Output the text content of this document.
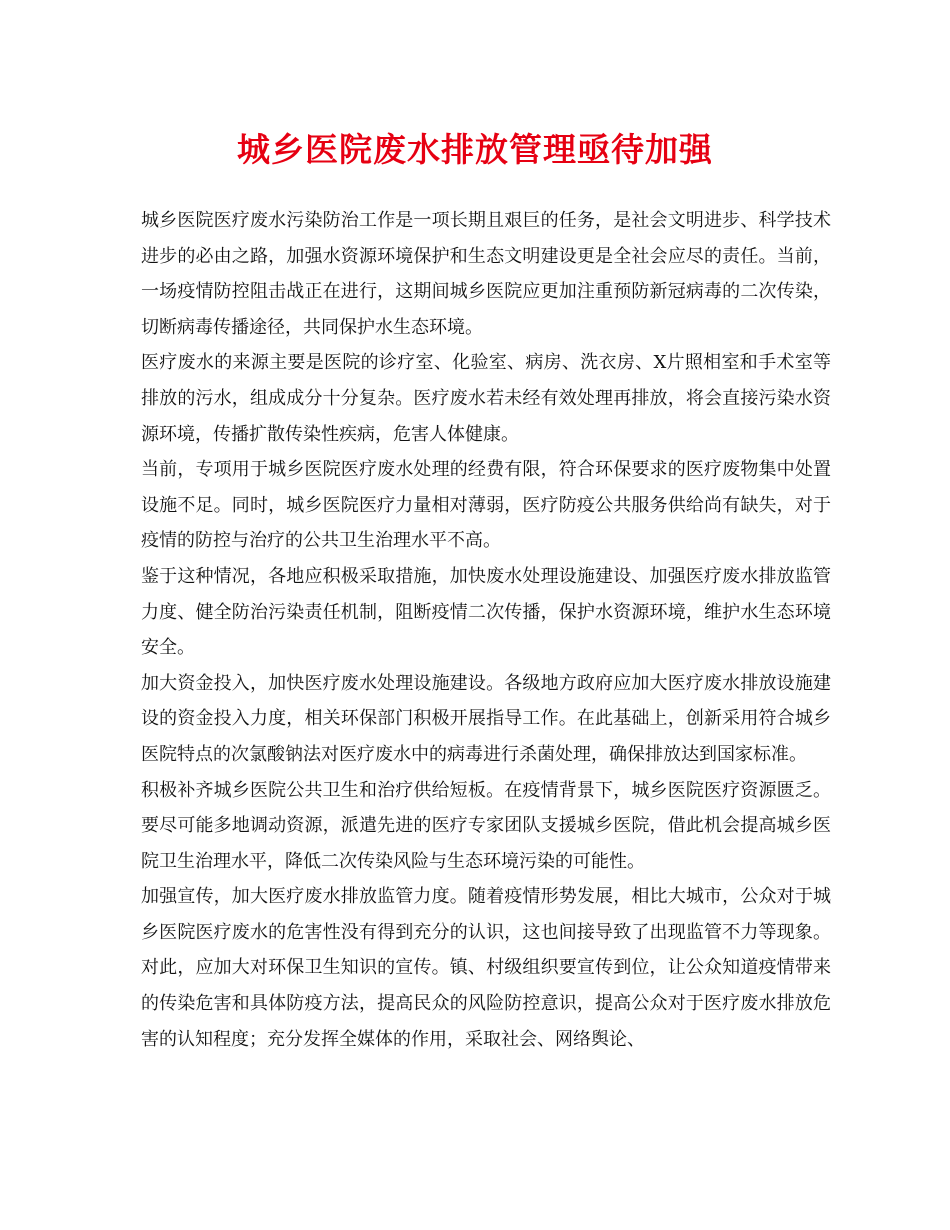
城乡医院废水排放管理亟待加强

城乡医院医疗废水污染防治工作是一项长期且艰巨的任务，是社会文明进步、科学技术进步的必由之路，加强水资源环境保护和生态文明建设更是全社会应尽的责任。当前，一场疫情防控阻击战正在进行，这期间城乡医院应更加注重预防新冠病毒的二次传染，切断病毒传播途径，共同保护水生态环境。

医疗废水的来源主要是医院的诊疗室、化验室、病房、洗衣房、X片照相室和手术室等排放的污水，组成成分十分复杂。医疗废水若未经有效处理再排放，将会直接污染水资源环境，传播扩散传染性疾病，危害人体健康。

当前，专项用于城乡医院医疗废水处理的经费有限，符合环保要求的医疗废物集中处置设施不足。同时，城乡医院医疗力量相对薄弱，医疗防疫公共服务供给尚有缺失，对于疫情的防控与治疗的公共卫生治理水平不高。

鉴于这种情况，各地应积极采取措施，加快废水处理设施建设、加强医疗废水排放监管力度、健全防治污染责任机制，阻断疫情二次传播，保护水资源环境，维护水生态环境安全。

加大资金投入，加快医疗废水处理设施建设。各级地方政府应加大医疗废水排放设施建设的资金投入力度，相关环保部门积极开展指导工作。在此基础上，创新采用符合城乡医院特点的次氯酸钠法对医疗废水中的病毒进行杀菌处理，确保排放达到国家标准。

积极补齐城乡医院公共卫生和治疗供给短板。在疫情背景下，城乡医院医疗资源匮乏。要尽可能多地调动资源，派遣先进的医疗专家团队支援城乡医院，借此机会提高城乡医院卫生治理水平，降低二次传染风险与生态环境污染的可能性。

加强宣传，加大医疗废水排放监管力度。随着疫情形势发展，相比大城市，公众对于城乡医院医疗废水的危害性没有得到充分的认识，这也间接导致了出现监管不力等现象。对此，应加大对环保卫生知识的宣传。镇、村级组织要宣传到位，让公众知道疫情带来的传染危害和具体防疫方法，提高民众的风险防控意识，提高公众对于医疗废水排放危害的认知程度；充分发挥全媒体的作用，采取社会、网络舆论、
